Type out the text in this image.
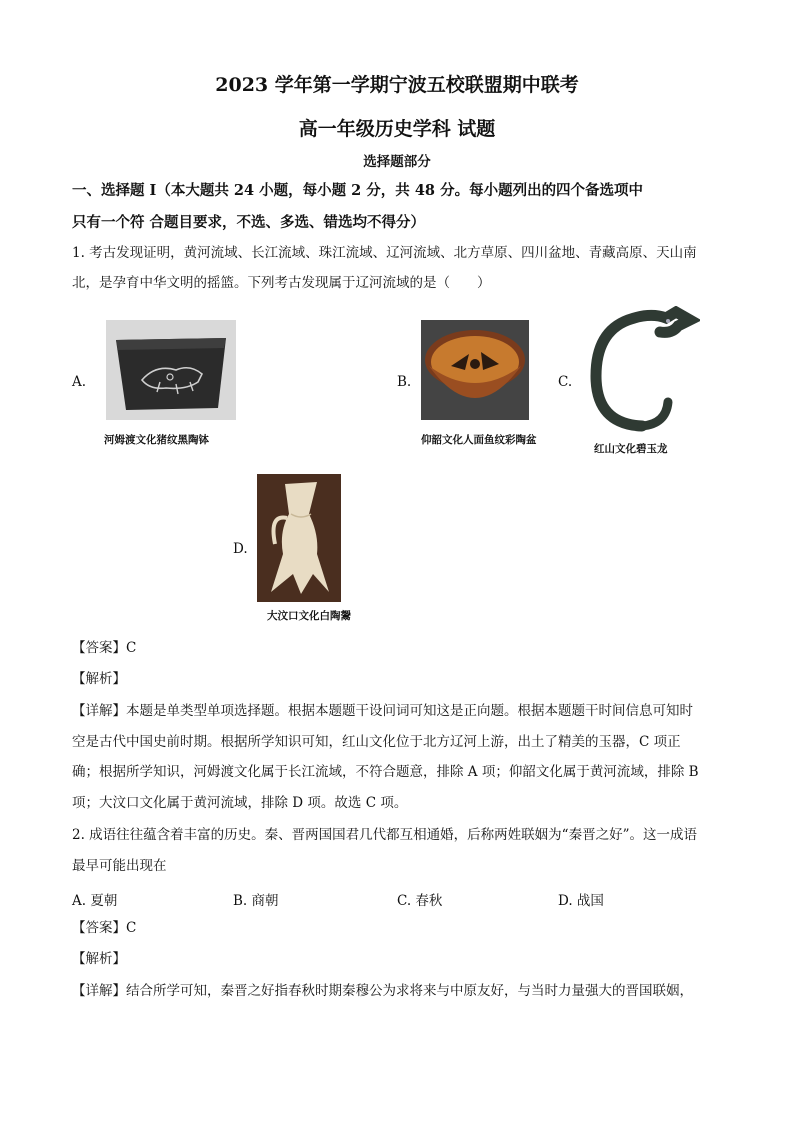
2023 学年第一学期宁波五校联盟期中联考
高一年级历史学科 试题
选择题部分
一、选择题 I（本大题共 24 小题，每小题 2 分，共 48 分。每小题列出的四个备选项中
只有一个符 合题目要求，不选、多选、错选均不得分）
1. 考古发现证明，黄河流域、长江流域、珠江流域、辽河流域、北方草原、四川盆地、青藏高原、天山南
北，是孕育中华文明的摇篮。下列考古发现属于辽河流域的是（　　）
A.
河姆渡文化猪纹黑陶钵
B.
仰韶文化人面鱼纹彩陶盆
C.
红山文化碧玉龙
D.
大汶口文化白陶鬶
【答案】C
【解析】
【详解】本题是单类型单项选择题。根据本题题干设问词可知这是正向题。根据本题题干时间信息可知时
空是古代中国史前时期。根据所学知识可知，红山文化位于北方辽河上游，出土了精美的玉器，C 项正
确；根据所学知识，河姆渡文化属于长江流域，不符合题意，排除 A 项；仰韶文化属于黄河流域，排除 B
项；大汶口文化属于黄河流域，排除 D 项。故选 C 项。
2. 成语往往蕴含着丰富的历史。秦、晋两国国君几代都互相通婚，后称两姓联姻为“秦晋之好”。这一成语
最早可能出现在
A. 夏朝	B. 商朝	C. 春秋	D. 战国
【答案】C
【解析】
【详解】结合所学可知，秦晋之好指春秋时期秦穆公为求将来与中原友好，与当时力量强大的晋国联姻，
